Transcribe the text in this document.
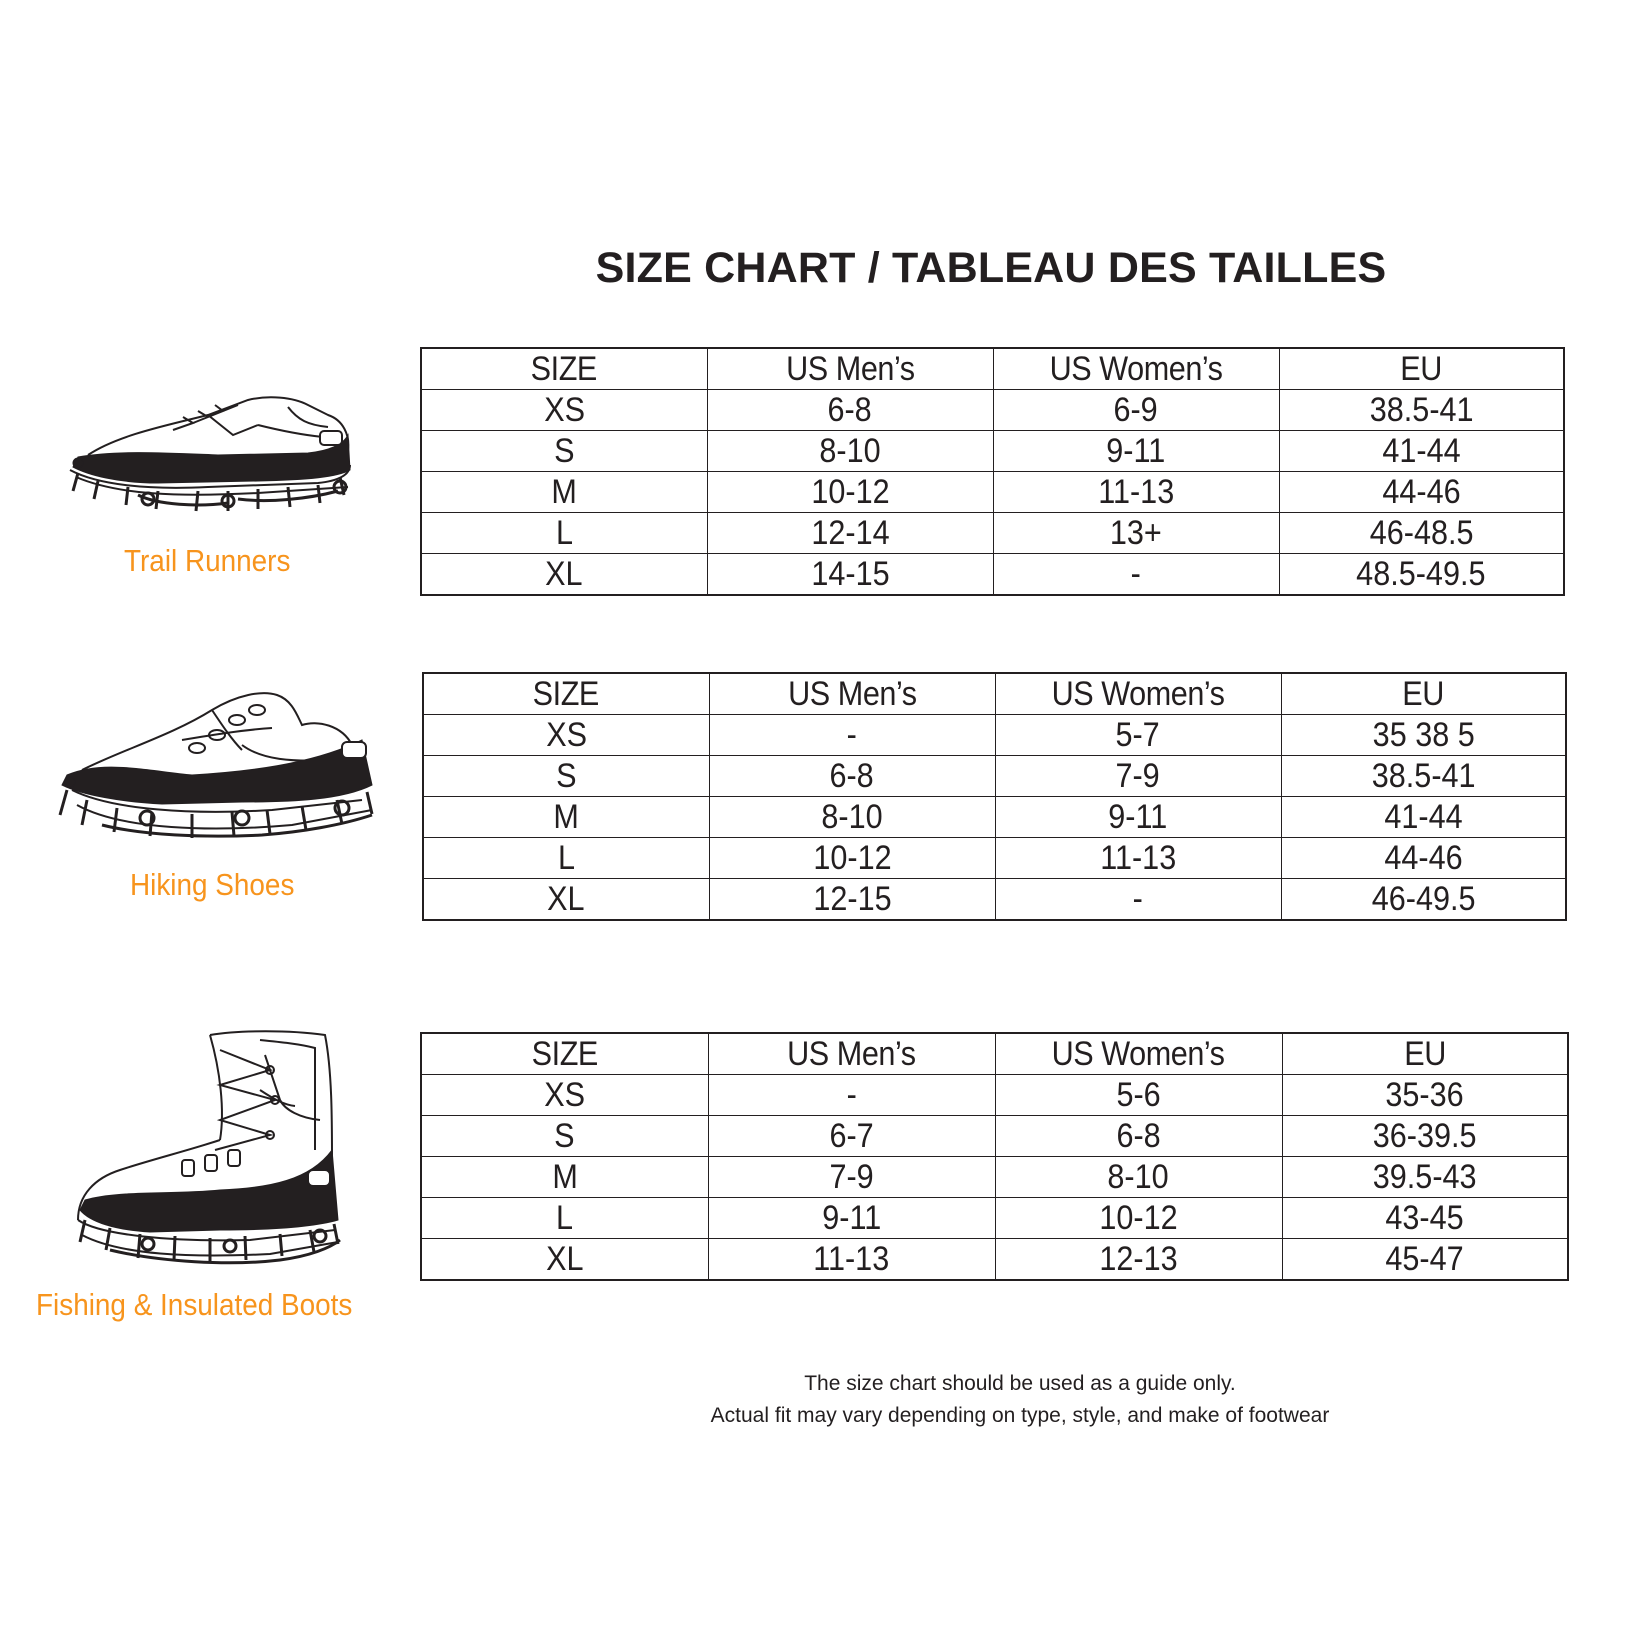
SIZE CHART / TABLEAU DES TAILLES
Trail Runners
SIZE	US Men’s	US Women’s	EU
XS	6-8	6-9	38.5-41
S	8-10	9-11	41-44
M	10-12	11-13	44-46
L	12-14	13+	46-48.5
XL	14-15	-	48.5-49.5
Hiking Shoes
SIZE	US Men’s	US Women’s	EU
XS	-	5-7	35 38 5
S	6-8	7-9	38.5-41
M	8-10	9-11	41-44
L	10-12	11-13	44-46
XL	12-15	-	46-49.5
Fishing & Insulated Boots
SIZE	US Men’s	US Women’s	EU
XS	-	5-6	35-36
S	6-7	6-8	36-39.5
M	7-9	8-10	39.5-43
L	9-11	10-12	43-45
XL	11-13	12-13	45-47
The size chart should be used as a guide only.
Actual fit may vary depending on type, style, and make of footwear
